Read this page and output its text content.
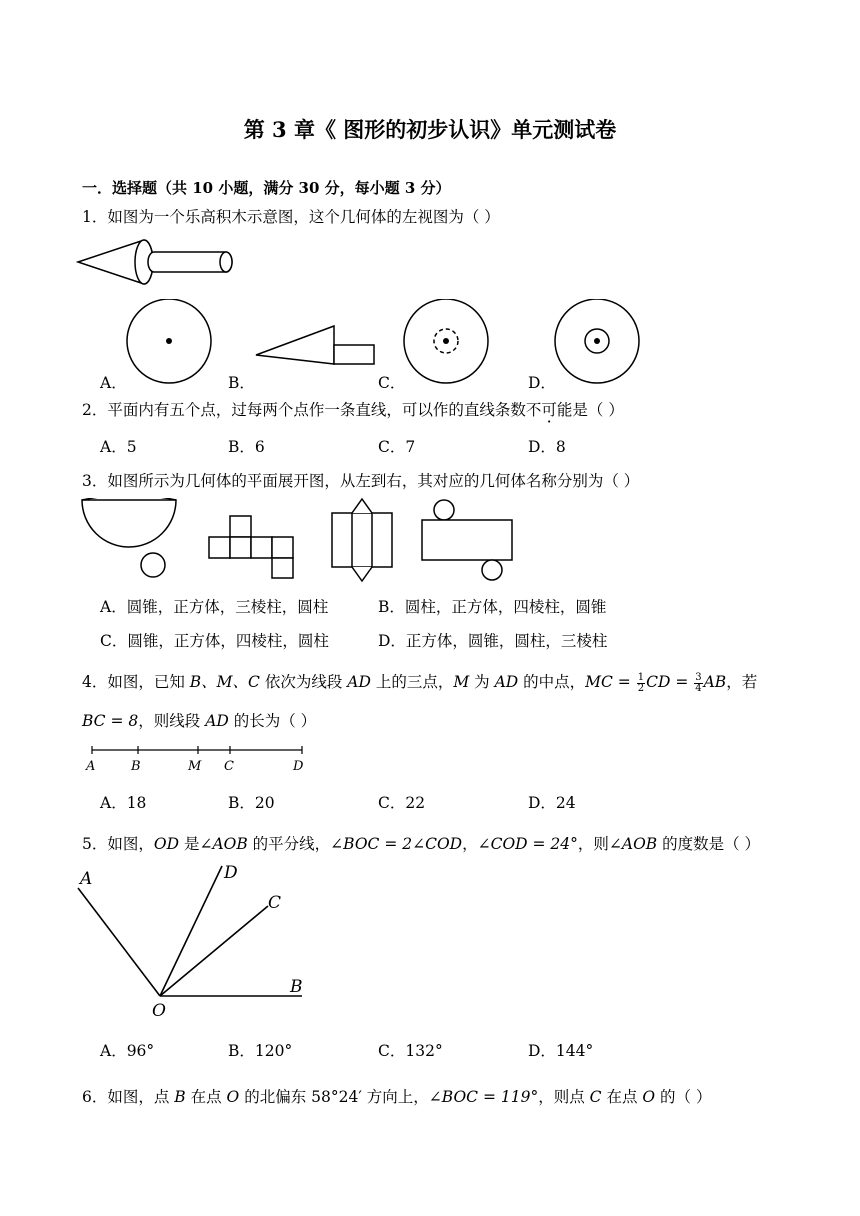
第 3 章《 图形的初步认识》单元测试卷
一．选择题（共 10 小题，满分 30 分，每小题 3 分）
1．如图为一个乐高积木示意图，这个几何体的左视图为（ ）
A．	B．	C．	D．
2．平面内有五个点，过每两个点作一条直线，可以作的直线条数不可能是（ ）
A．5	B．6	C．7	D．8
3．如图所示为几何体的平面展开图，从左到右，其对应的几何体名称分别为（ ）
A．圆锥，正方体，三棱柱，圆柱	B．圆柱，正方体，四棱柱，圆锥
C．圆锥，正方体，四棱柱，圆柱	D．正方体，圆锥，圆柱，三棱柱
4．如图，已知 B、M、C 依次为线段 AD 上的三点，M 为 AD 的中点，MC = $\frac{1}{2}$ CD = $\frac{3}{4}$ AB，若
BC = 8，则线段 AD 的长为（ ）
A	B	M C	D
A．18	B．20	C．22	D．24
5．如图，OD 是∠AOB 的平分线，∠BOC = 2∠COD，∠COD = 24°，则∠AOB 的度数是（ ）
A	D
C
B
O
A．96°	B．120°	C．132°	D．144°
6．如图，点 B 在点 O 的北偏东 58°24′ 方向上，∠BOC = 119°，则点 C 在点 O 的（ ）
